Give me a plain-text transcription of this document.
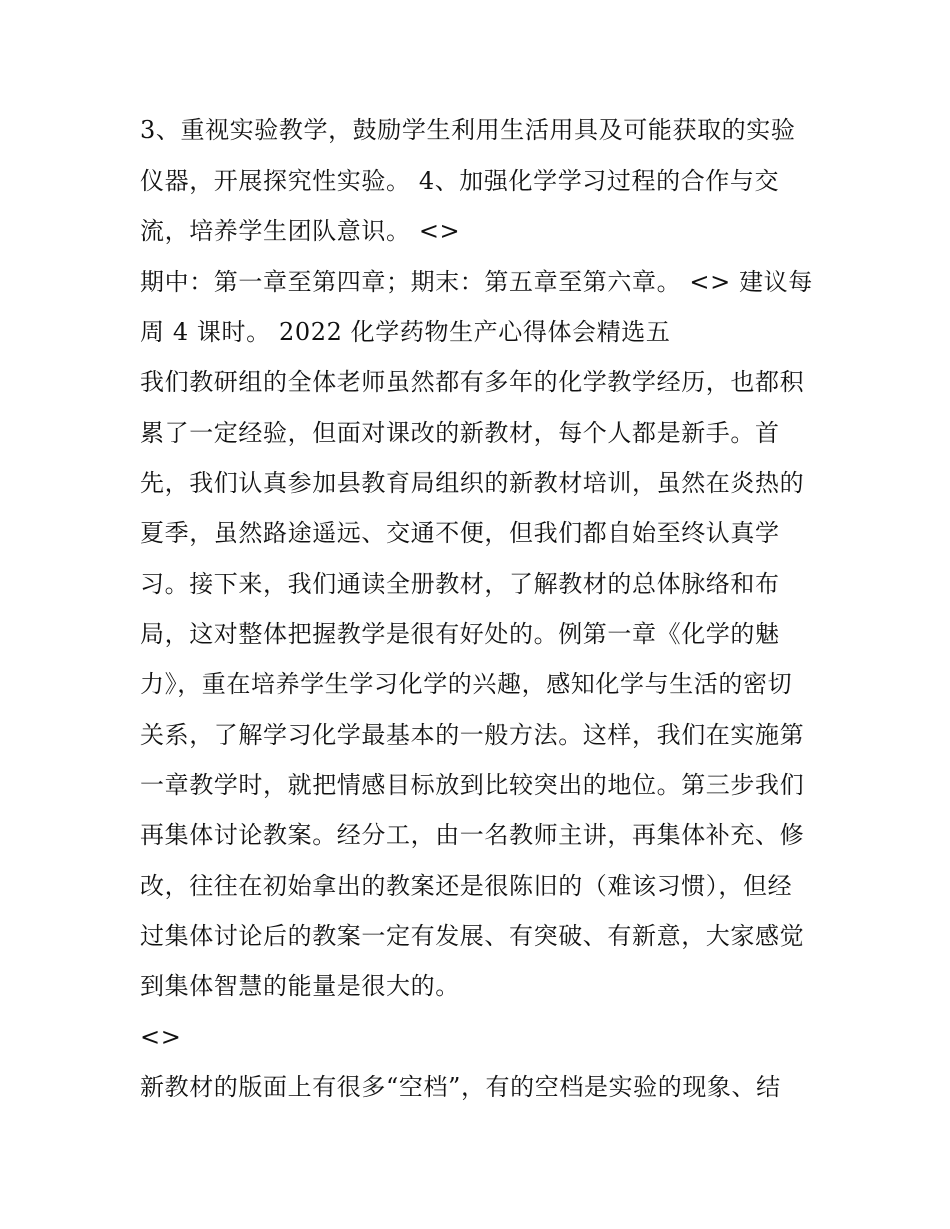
3、重视实验教学，鼓励学生利用生活用具及可能获取的实验
仪器，开展探究性实验。 4、加强化学学习过程的合作与交
流，培养学生团队意识。 <>
期中：第一章至第四章；期末：第五章至第六章。 <> 建议每
周 4 课时。 2022 化学药物生产心得体会精选五
我们教研组的全体老师虽然都有多年的化学教学经历，也都积
累了一定经验，但面对课改的新教材，每个人都是新手。首
先，我们认真参加县教育局组织的新教材培训，虽然在炎热的
夏季，虽然路途遥远、交通不便，但我们都自始至终认真学
习。接下来，我们通读全册教材，了解教材的总体脉络和布
局，这对整体把握教学是很有好处的。例第一章《化学的魅
力》，重在培养学生学习化学的兴趣，感知化学与生活的密切
关系，了解学习化学最基本的一般方法。这样，我们在实施第
一章教学时，就把情感目标放到比较突出的地位。第三步我们
再集体讨论教案。经分工，由一名教师主讲，再集体补充、修
改，往往在初始拿出的教案还是很陈旧的（难该习惯），但经
过集体讨论后的教案一定有发展、有突破、有新意，大家感觉
到集体智慧的能量是很大的。
<>
新教材的版面上有很多“空档”，有的空档是实验的现象、结
